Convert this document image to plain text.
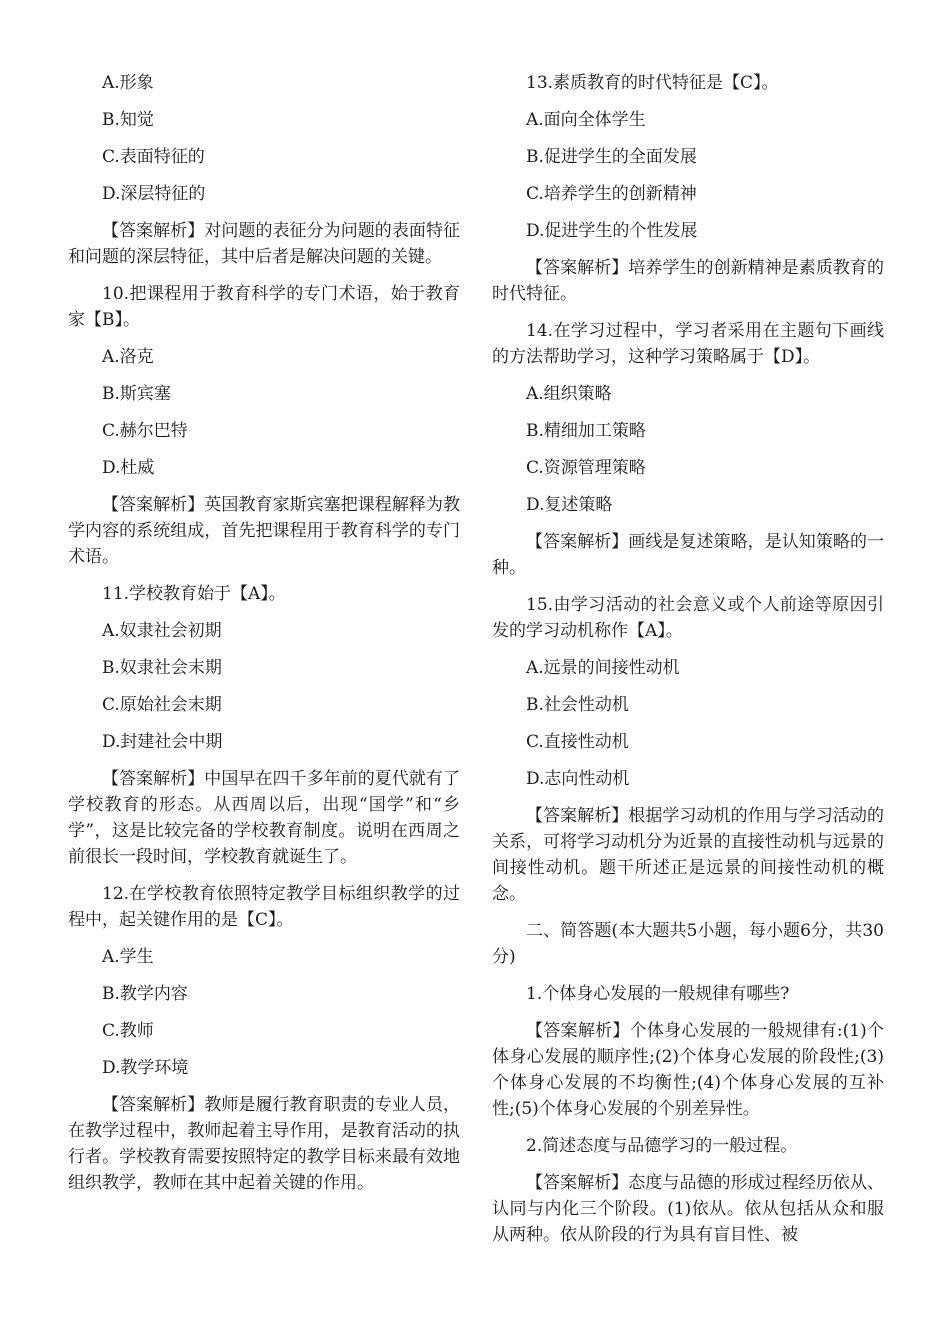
A.形象

B.知觉

C.表面特征的

D.深层特征的

【答案解析】对问题的表征分为问题的表面特征和问题的深层特征，其中后者是解决问题的关键。

10.把课程用于教育科学的专门术语，始于教育家【B】。

A.洛克

B.斯宾塞

C.赫尔巴特

D.杜威

【答案解析】英国教育家斯宾塞把课程解释为教学内容的系统组成，首先把课程用于教育科学的专门术语。

11.学校教育始于【A】。

A.奴隶社会初期

B.奴隶社会末期

C.原始社会末期

D.封建社会中期

【答案解析】中国早在四千多年前的夏代就有了学校教育的形态。从西周以后，出现“国学”和“乡学”，这是比较完备的学校教育制度。说明在西周之前很长一段时间，学校教育就诞生了。

12.在学校教育依照特定教学目标组织教学的过程中，起关键作用的是【C】。

A.学生

B.教学内容

C.教师

D.教学环境

【答案解析】教师是履行教育职责的专业人员，在教学过程中，教师起着主导作用，是教育活动的执行者。学校教育需要按照特定的教学目标来最有效地组织教学，教师在其中起着关键的作用。

13.素质教育的时代特征是【C】。

A.面向全体学生

B.促进学生的全面发展

C.培养学生的创新精神

D.促进学生的个性发展

【答案解析】培养学生的创新精神是素质教育的时代特征。

14.在学习过程中，学习者采用在主题句下画线的方法帮助学习，这种学习策略属于【D】。

A.组织策略

B.精细加工策略

C.资源管理策略

D.复述策略

【答案解析】画线是复述策略，是认知策略的一种。

15.由学习活动的社会意义或个人前途等原因引发的学习动机称作【A】。

A.远景的间接性动机

B.社会性动机

C.直接性动机

D.志向性动机

【答案解析】根据学习动机的作用与学习活动的关系，可将学习动机分为近景的直接性动机与远景的间接性动机。题干所述正是远景的间接性动机的概念。

二、简答题(本大题共5小题，每小题6分，共30分)

1.个体身心发展的一般规律有哪些?

【答案解析】个体身心发展的一般规律有:(1)个体身心发展的顺序性;(2)个体身心发展的阶段性;(3)个体身心发展的不均衡性;(4)个体身心发展的互补性;(5)个体身心发展的个别差异性。

2.简述态度与品德学习的一般过程。

【答案解析】态度与品德的形成过程经历依从、认同与内化三个阶段。(1)依从。依从包括从众和服从两种。依从阶段的行为具有盲目性、被
